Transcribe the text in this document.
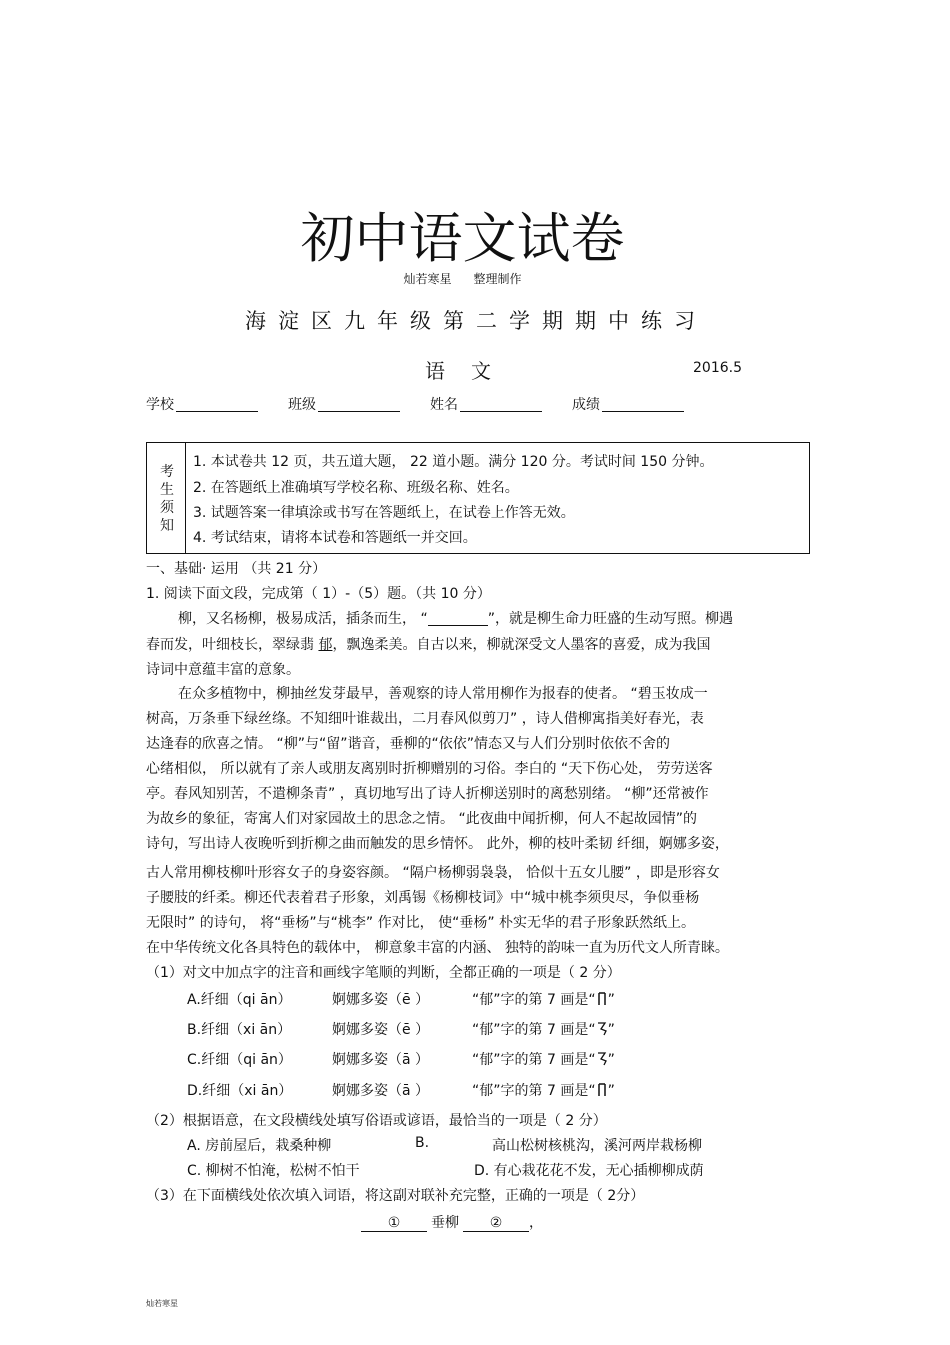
初中语文试卷
灿若寒星 整理制作
海淀区九年级第二学期期中练习
语文	2016.5
学校	班级	姓名	成绩
考
生
须
知
1. 本试卷共 12 页，共五道大题， 22 道小题。满分 120 分。考试时间 150 分钟。
2. 在答题纸上准确填写学校名称、班级名称、姓名。
3. 试题答案一律填涂或书写在答题纸上，在试卷上作答无效。
4. 考试结束，请将本试卷和答题纸一并交回。
一、基础· 运用 （共 21 分）
1. 阅读下面文段，完成第（ 1）-（5）题。（共 10 分）
柳，又名杨柳，极易成活，插条而生， “	”，就是柳生命力旺盛的生动写照。柳遇
春而发，叶细枝长，翠绿翡 郁，飘逸柔美。自古以来，柳就深受文人墨客的喜爱，成为我国
诗词中意蕴丰富的意象。
在众多植物中，柳抽丝发芽最早，善观察的诗人常用柳作为报春的使者。 “碧玉妆成一
树高，万条垂下绿丝绦。不知细叶谁裁出，二月春风似剪刀” ，诗人借柳寓指美好春光，表
达逢春的欣喜之情。 “柳”与“留”谐音，垂柳的“依依”情态又与人们分别时依依不舍的
心绪相似， 所以就有了亲人或朋友离别时折柳赠别的习俗。李白的 “天下伤心处， 劳劳送客
亭。春风知别苦，不遣柳条青” ，真切地写出了诗人折柳送别时的离愁别绪。 “柳”还常被作
为故乡的象征，寄寓人们对家园故土的思念之情。 “此夜曲中闻折柳，何人不起故园情”的
诗句，写出诗人夜晚听到折柳之曲而触发的思乡情怀。 此外，柳的枝叶柔韧 纤细，婀娜多姿，
古人常用柳枝柳叶形容女子的身姿容颜。 “隔户杨柳弱袅袅， 恰似十五女儿腰” ，即是形容女
子腰肢的纤柔。柳还代表着君子形象，刘禹锡《杨柳枝词》中“城中桃李须臾尽，争似垂杨
无限时” 的诗句， 将“垂杨”与“桃李” 作对比， 使“垂杨” 朴实无华的君子形象跃然纸上。
在中华传统文化各具特色的载体中， 柳意象丰富的内涵、 独特的韵味一直为历代文人所青睐。
（1）对文中加点字的注音和画线字笔顺的判断，全都正确的一项是（ 2 分）
A.纤细（qi ān）	婀娜多姿（ē ）	“郁”字的第 7 画是“ ”
B.纤细（xi ān）	婀娜多姿（ē ）	“郁”字的第 7 画是“ ”
C.纤细（qi ān）	婀娜多姿（ā ）	“郁”字的第 7 画是“ ”
D.纤细（xi ān）	婀娜多姿（ā ）	“郁”字的第 7 画是“ ”
（2）根据语意，在文段横线处填写俗语或谚语，最恰当的一项是（ 2 分）
A. 房前屋后，栽桑种柳	B.	高山松树核桃沟，溪河两岸栽杨柳
C. 柳树不怕淹，松树不怕干	D. 有心栽花花不发，无心插柳柳成荫
（3）在下面横线处依次填入词语，将这副对联补充完整，正确的一项是（ 2分）
① 垂柳 ② ，
灿若寒星
